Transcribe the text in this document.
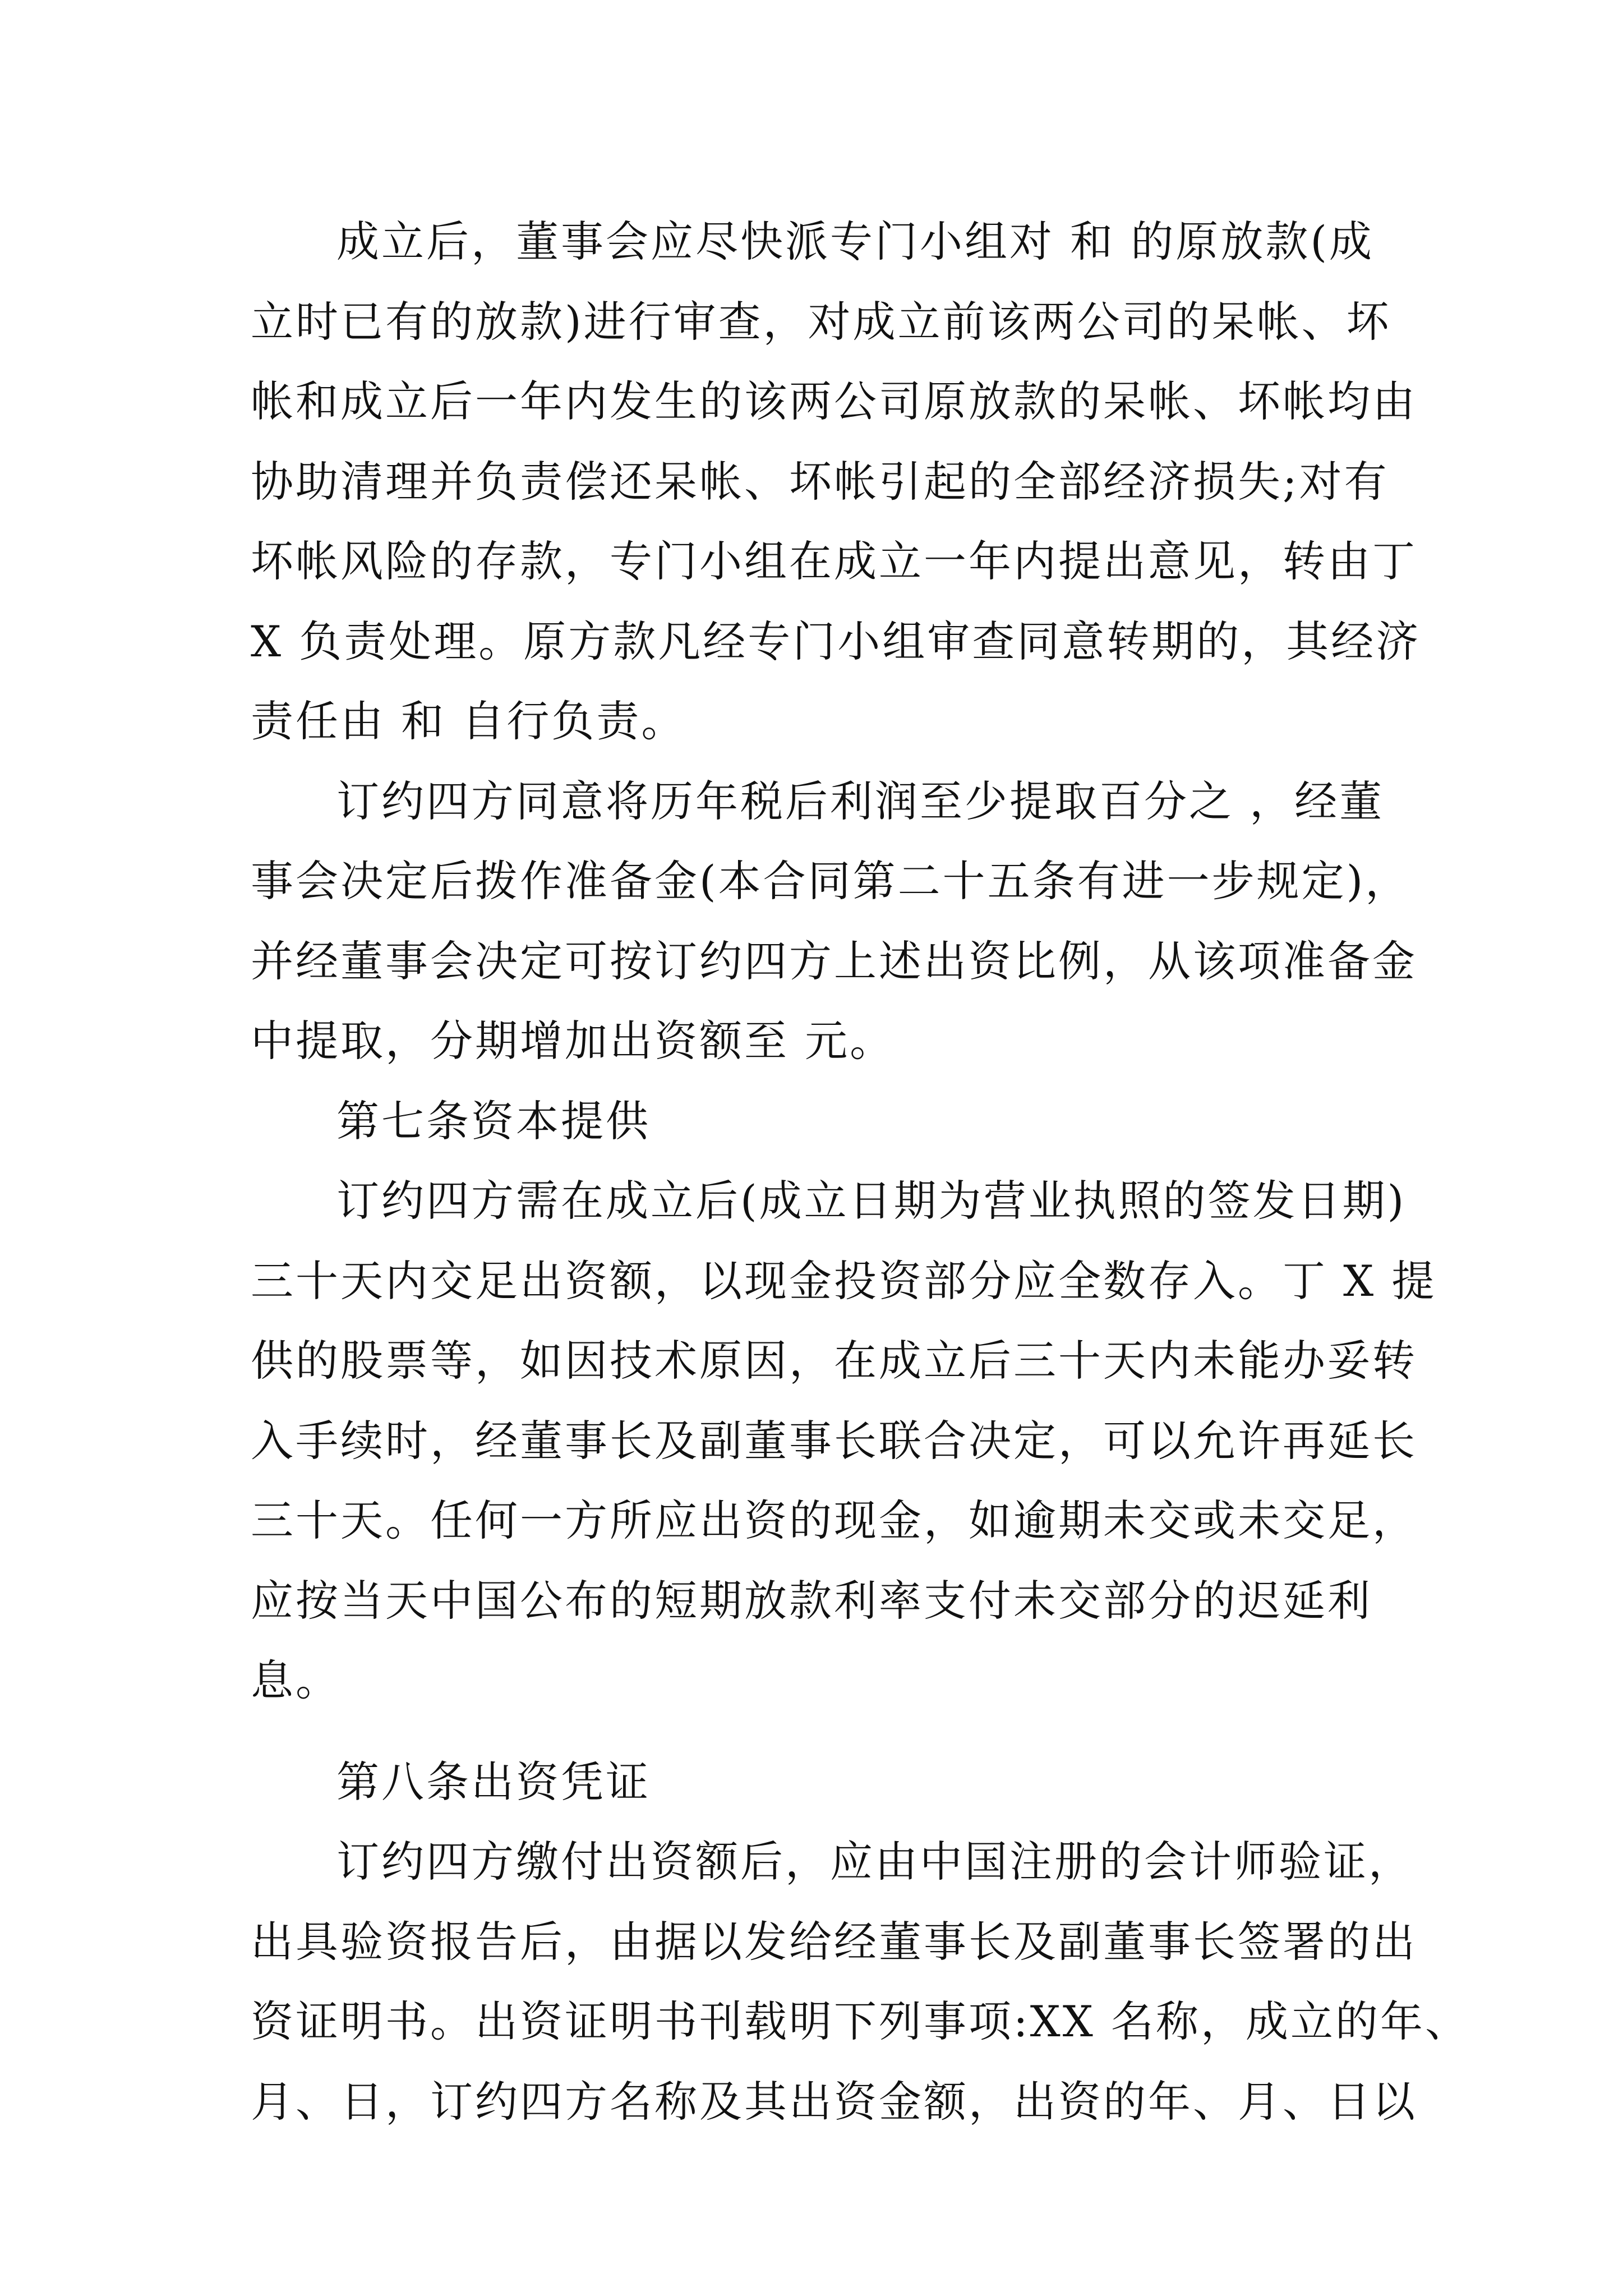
成立后，董事会应尽快派专门小组对 和 的原放款(成
立时已有的放款)进行审查，对成立前该两公司的呆帐、坏
帐和成立后一年内发生的该两公司原放款的呆帐、坏帐均由
协助清理并负责偿还呆帐、坏帐引起的全部经济损失;对有
坏帐风险的存款，专门小组在成立一年内提出意见，转由丁
X 负责处理。原方款凡经专门小组审查同意转期的，其经济
责任由 和 自行负责。
订约四方同意将历年税后利润至少提取百分之 ，经董
事会决定后拨作准备金(本合同第二十五条有进一步规定)，
并经董事会决定可按订约四方上述出资比例，从该项准备金
中提取，分期增加出资额至 元。
第七条资本提供
订约四方需在成立后(成立日期为营业执照的签发日期)
三十天内交足出资额，以现金投资部分应全数存入。丁 X 提
供的股票等，如因技术原因，在成立后三十天内未能办妥转
入手续时，经董事长及副董事长联合决定，可以允许再延长
三十天。任何一方所应出资的现金，如逾期未交或未交足，
应按当天中国公布的短期放款利率支付未交部分的迟延利
息。
第八条出资凭证
订约四方缴付出资额后，应由中国注册的会计师验证，
出具验资报告后，由据以发给经董事长及副董事长签署的出
资证明书。出资证明书刊载明下列事项:XX 名称，成立的年、
月、日，订约四方名称及其出资金额，出资的年、月、日以
